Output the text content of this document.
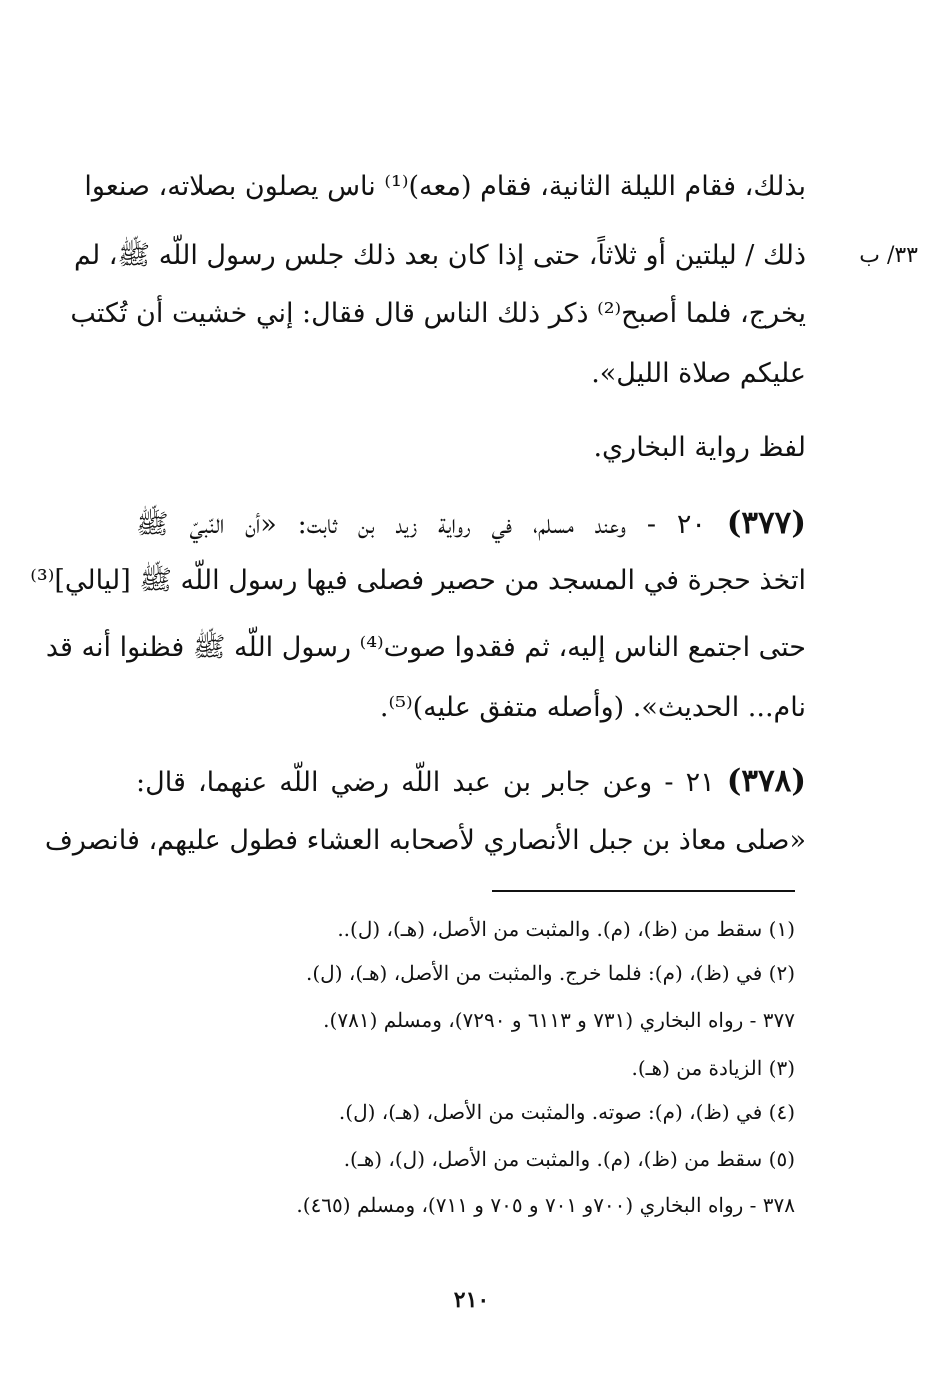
٣٣/ ب
بذلك، فقام الليلة الثانية، فقام (معه)⁽¹⁾ ناس يصلون بصلاته، صنعوا
ذلك / ليلتين أو ثلاثاً، حتى إذا كان بعد ذلك جلس رسول اللّه ﷺ، لم
يخرج، فلما أصبح⁽²⁾ ذكر ذلك الناس قال فقال: إني خشيت أن تُكتب
عليكم صلاة الليل».
لفظ رواية البخاري.
(٣٧٧) ٢٠ - وعند مسلم، في رواية زيد بن ثابت: «أن النّبيّ ﷺ
اتخذ حجرة في المسجد من حصير فصلى فيها رسول اللّه ﷺ [ليالي]⁽³⁾
حتى اجتمع الناس إليه، ثم فقدوا صوت⁽⁴⁾ رسول اللّه ﷺ فظنوا أنه قد
نام... الحديث». (وأصله متفق عليه)⁽⁵⁾.
(٣٧٨) ٢١ - وعن جابر بن عبد اللّه رضي اللّه عنهما، قال:
«صلى معاذ بن جبل الأنصاري لأصحابه العشاء فطول عليهم، فانصرف
(١) سقط من (ظ)، (م). والمثبت من الأصل، (هـ)، (ل)..
(٢) في (ظ)، (م): فلما خرج. والمثبت من الأصل، (هـ)، (ل).
٣٧٧ - رواه البخاري (٧٣١ و ٦١١٣ و ٧٢٩٠)، ومسلم (٧٨١).
(٣) الزيادة من (هـ).
(٤) في (ظ)، (م): صوته. والمثبت من الأصل، (هـ)، (ل).
(٥) سقط من (ظ)، (م). والمثبت من الأصل، (ل)، (هـ).
٣٧٨ - رواه البخاري (٧٠٠و ٧٠١ و ٧٠٥ و ٧١١)، ومسلم (٤٦٥).
٢١٠
